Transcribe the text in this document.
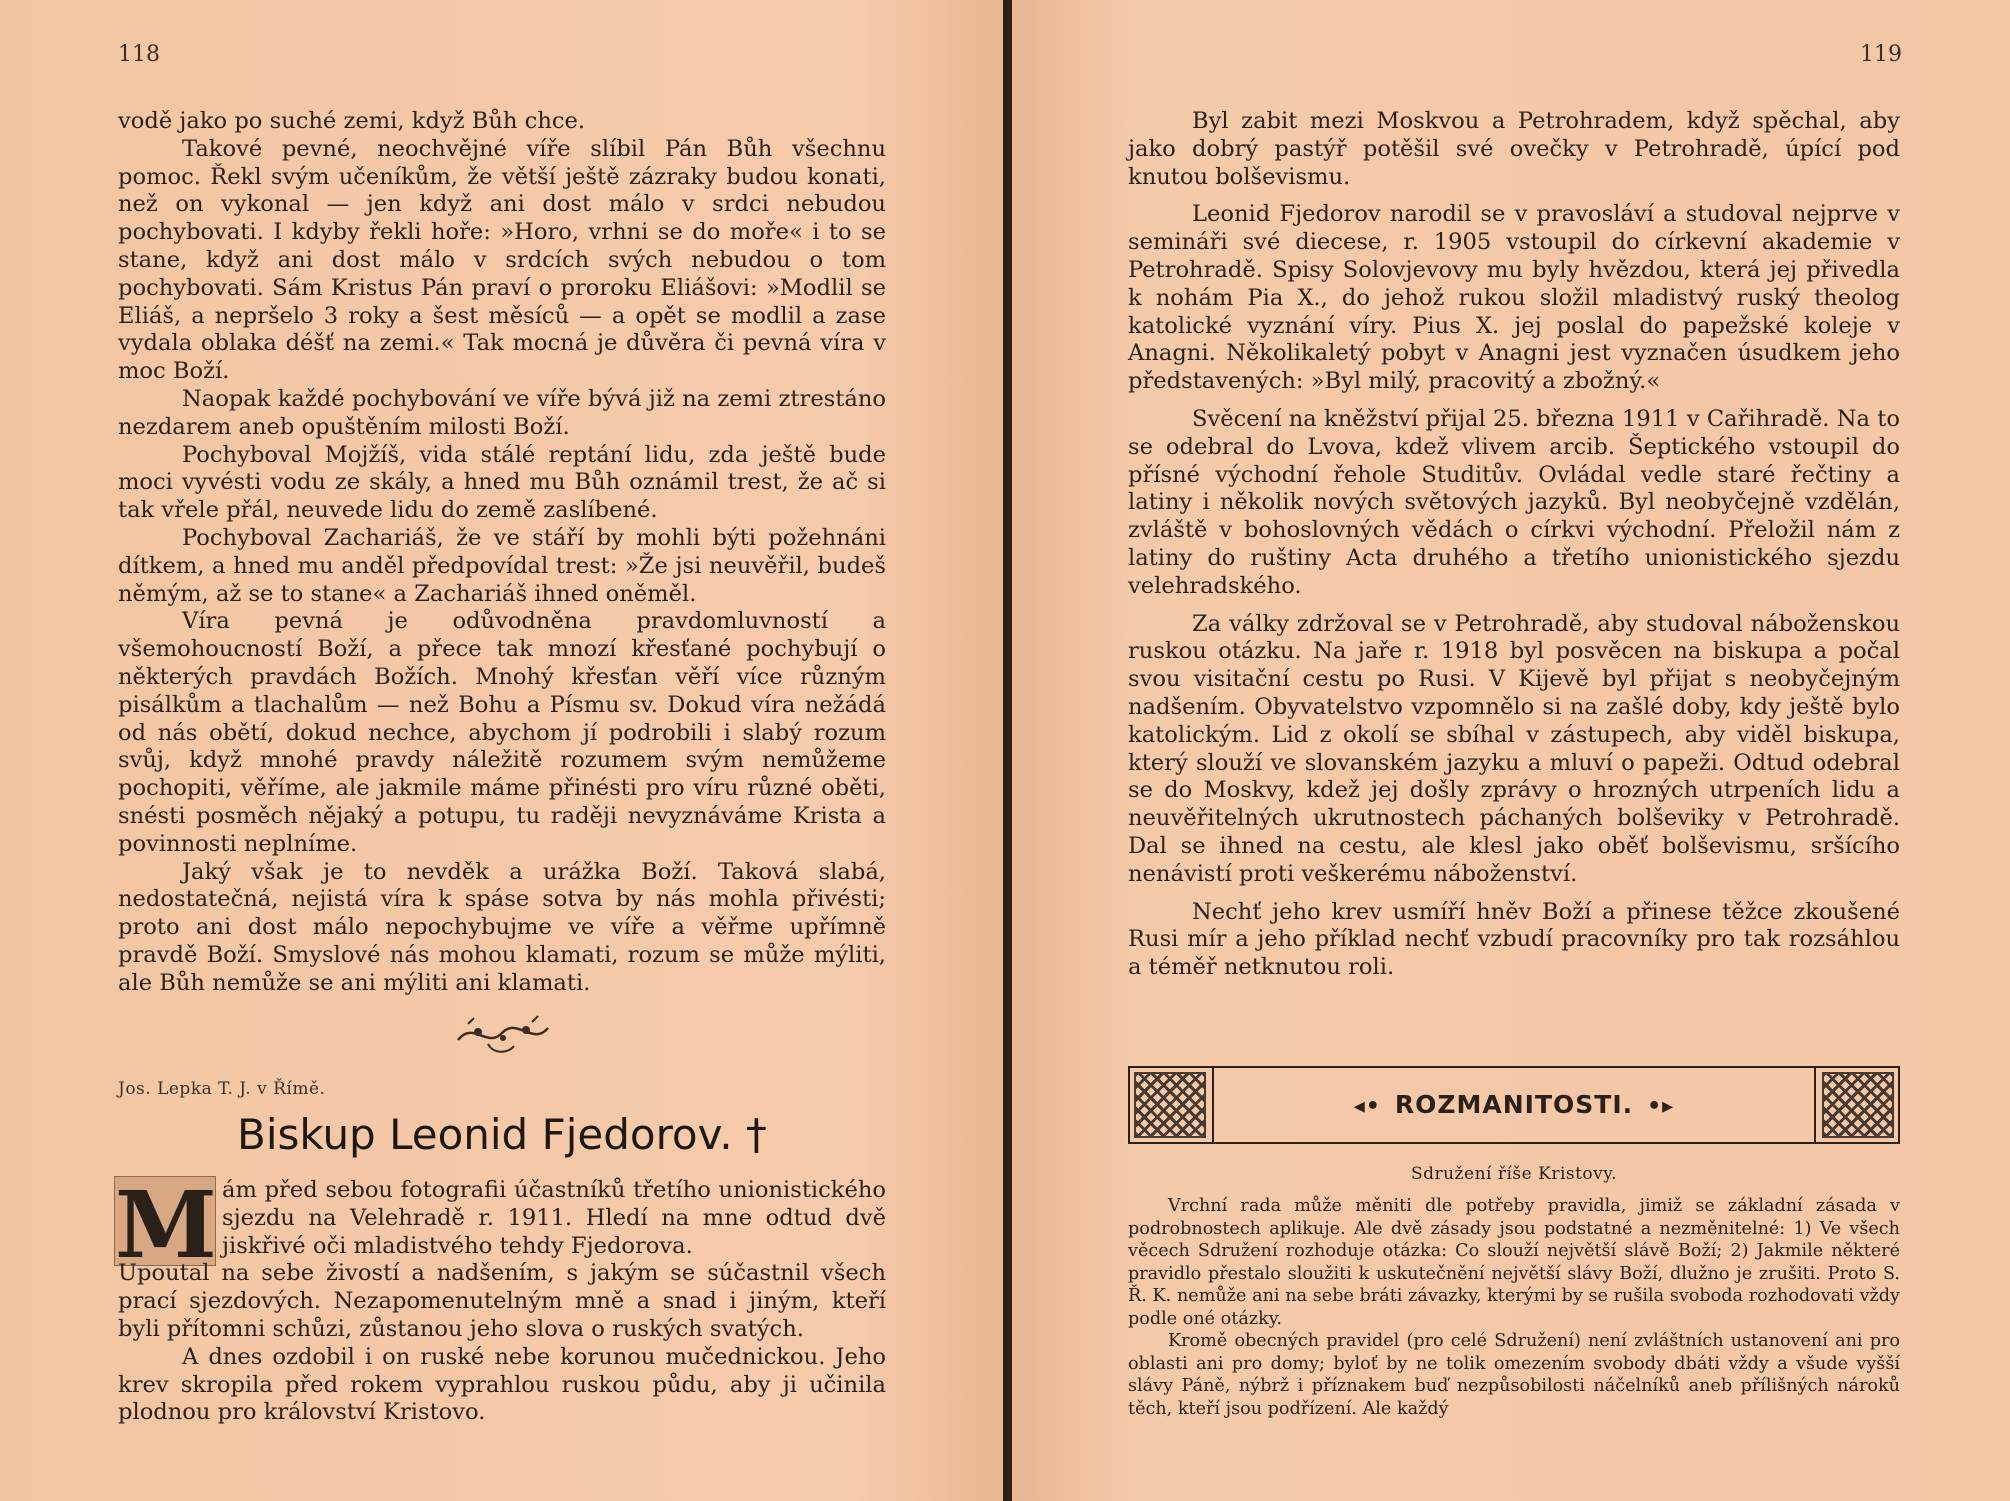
118

vodě jako po suché zemi, když Bůh chce.

Takové pevné, neochvějné víře slíbil Pán Bůh všechnu pomoc. Řekl svým učeníkům, že větší ještě zázraky budou konati, než on vykonal — jen když ani dost málo v srdci nebudou pochybovati. I kdyby řekli hoře: »Horo, vrhni se do moře« i to se stane, když ani dost málo v srdcích svých nebudou o tom pochybovati. Sám Kristus Pán praví o proroku Eliášovi: »Modlil se Eliáš, a nepršelo 3 roky a šest měsíců — a opět se modlil a zase vydala oblaka déšť na zemi.« Tak mocná je důvěra či pevná víra v moc Boží.

Naopak každé pochybování ve víře bývá již na zemi ztrestáno nezdarem aneb opuštěním milosti Boží.

Pochyboval Mojžíš, vida stálé reptání lidu, zda ještě bude moci vyvésti vodu ze skály, a hned mu Bůh oznámil trest, že ač si tak vřele přál, neuvede lidu do země zaslíbené.

Pochyboval Zachariáš, že ve stáří by mohli býti požehnáni dítkem, a hned mu anděl předpovídal trest: »Že jsi neuvěřil, budeš němým, až se to stane« a Zachariáš ihned oněměl.

Víra pevná je odůvodněna pravdomluvností a všemohoucností Boží, a přece tak mnozí křesťané pochybují o některých pravdách Božích. Mnohý křesťan věří více různým pisálkům a tlachalům — než Bohu a Písmu sv. Dokud víra nežádá od nás obětí, dokud nechce, abychom jí podrobili i slabý rozum svůj, když mnohé pravdy náležitě rozumem svým nemůžeme pochopiti, věříme, ale jakmile máme přinésti pro víru různé oběti, snésti posměch nějaký a potupu, tu raději nevyznáváme Krista a povinnosti neplníme.

Jaký však je to nevděk a urážka Boží. Taková slabá, nedostatečná, nejistá víra k spáse sotva by nás mohla přivésti; proto ani dost málo nepochybujme ve víře a věřme upřímně pravdě Boží. Smyslové nás mohou klamati, rozum se může mýliti, ale Bůh nemůže se ani mýliti ani klamati.

Jos. Lepka T. J. v Římě.
Biskup Leonid Fjedorov. †
M ám před sebou fotografii účastníků třetího unionistického sjezdu na Velehradě r. 1911. Hledí na mne odtud dvě jiskřivé oči mladistvého tehdy Fjedorova.

Upoutal na sebe živostí a nadšením, s jakým se súčastnil všech prací sjezdových. Nezapomenutelným mně a snad i jiným, kteří byli přítomni schůzi, zůstanou jeho slova o ruských svatých.

A dnes ozdobil i on ruské nebe korunou mučednickou. Jeho krev skropila před rokem vyprahlou ruskou půdu, aby ji učinila plodnou pro království Kristovo.

119

Byl zabit mezi Moskvou a Petrohradem, když spěchal, aby jako dobrý pastýř potěšil své ovečky v Petrohradě, úpící pod knutou bolševismu.

Leonid Fjedorov narodil se v pravosláví a studoval nejprve v semináři své diecese, r. 1905 vstoupil do církevní akademie v Petrohradě. Spisy Solovjevovy mu byly hvězdou, která jej přivedla k nohám Pia X., do jehož rukou složil mladistvý ruský theolog katolické vyznání víry. Pius X. jej poslal do papežské koleje v Anagni. Několikaletý pobyt v Anagni jest vyznačen úsudkem jeho představených: »Byl milý, pracovitý a zbožný.«

Svěcení na kněžství přijal 25. března 1911 v Cařihradě. Na to se odebral do Lvova, kdež vlivem arcib. Šeptického vstoupil do přísné východní řehole Studitův. Ovládal vedle staré řečtiny a latiny i několik nových světových jazyků. Byl neobyčejně vzdělán, zvláště v bohoslovných vědách o církvi východní. Přeložil nám z latiny do ruštiny Acta druhého a třetího unionistického sjezdu velehradského.

Za války zdržoval se v Petrohradě, aby studoval náboženskou ruskou otázku. Na jaře r. 1918 byl posvěcen na biskupa a počal svou visitační cestu po Rusi. V Kijevě byl přijat s neobyčejným nadšením. Obyvatelstvo vzpomnělo si na zašlé doby, kdy ještě bylo katolickým. Lid z okolí se sbíhal v zástupech, aby viděl biskupa, který slouží ve slovanském jazyku a mluví o papeži. Odtud odebral se do Moskvy, kdež jej došly zprávy o hrozných utrpeních lidu a neuvěřitelných ukrutnostech páchaných bolševiky v Petrohradě. Dal se ihned na cestu, ale klesl jako oběť bolševismu, sršícího nenávistí proti veškerému náboženství.

Nechť jeho krev usmíří hněv Boží a přinese těžce zkoušené Rusi mír a jeho příklad nechť vzbudí pracovníky pro tak rozsáhlou a téměř netknutou roli.

◂• ROZMANITOSTI. •▸
Sdružení říše Kristovy.

Vrchní rada může měniti dle potřeby pravidla, jimiž se základní zásada v podrobnostech aplikuje. Ale dvě zásady jsou podstatné a nezměnitelné: 1) Ve všech věcech Sdružení rozhoduje otázka: Co slouží největší slávě Boží; 2) Jakmile některé pravidlo přestalo sloužiti k uskutečnění největší slávy Boží, dlužno je zrušiti. Proto S. Ř. K. nemůže ani na sebe bráti závazky, kterými by se rušila svoboda rozhodovati vždy podle oné otázky.

Kromě obecných pravidel (pro celé Sdružení) není zvláštních ustanovení ani pro oblasti ani pro domy; byloť by ne tolik omezením svobody dbáti vždy a všude vyšší slávy Páně, nýbrž i příznakem buď nezpůsobilosti náčelníků aneb přílišných nároků těch, kteří jsou podřízení. Ale každý
